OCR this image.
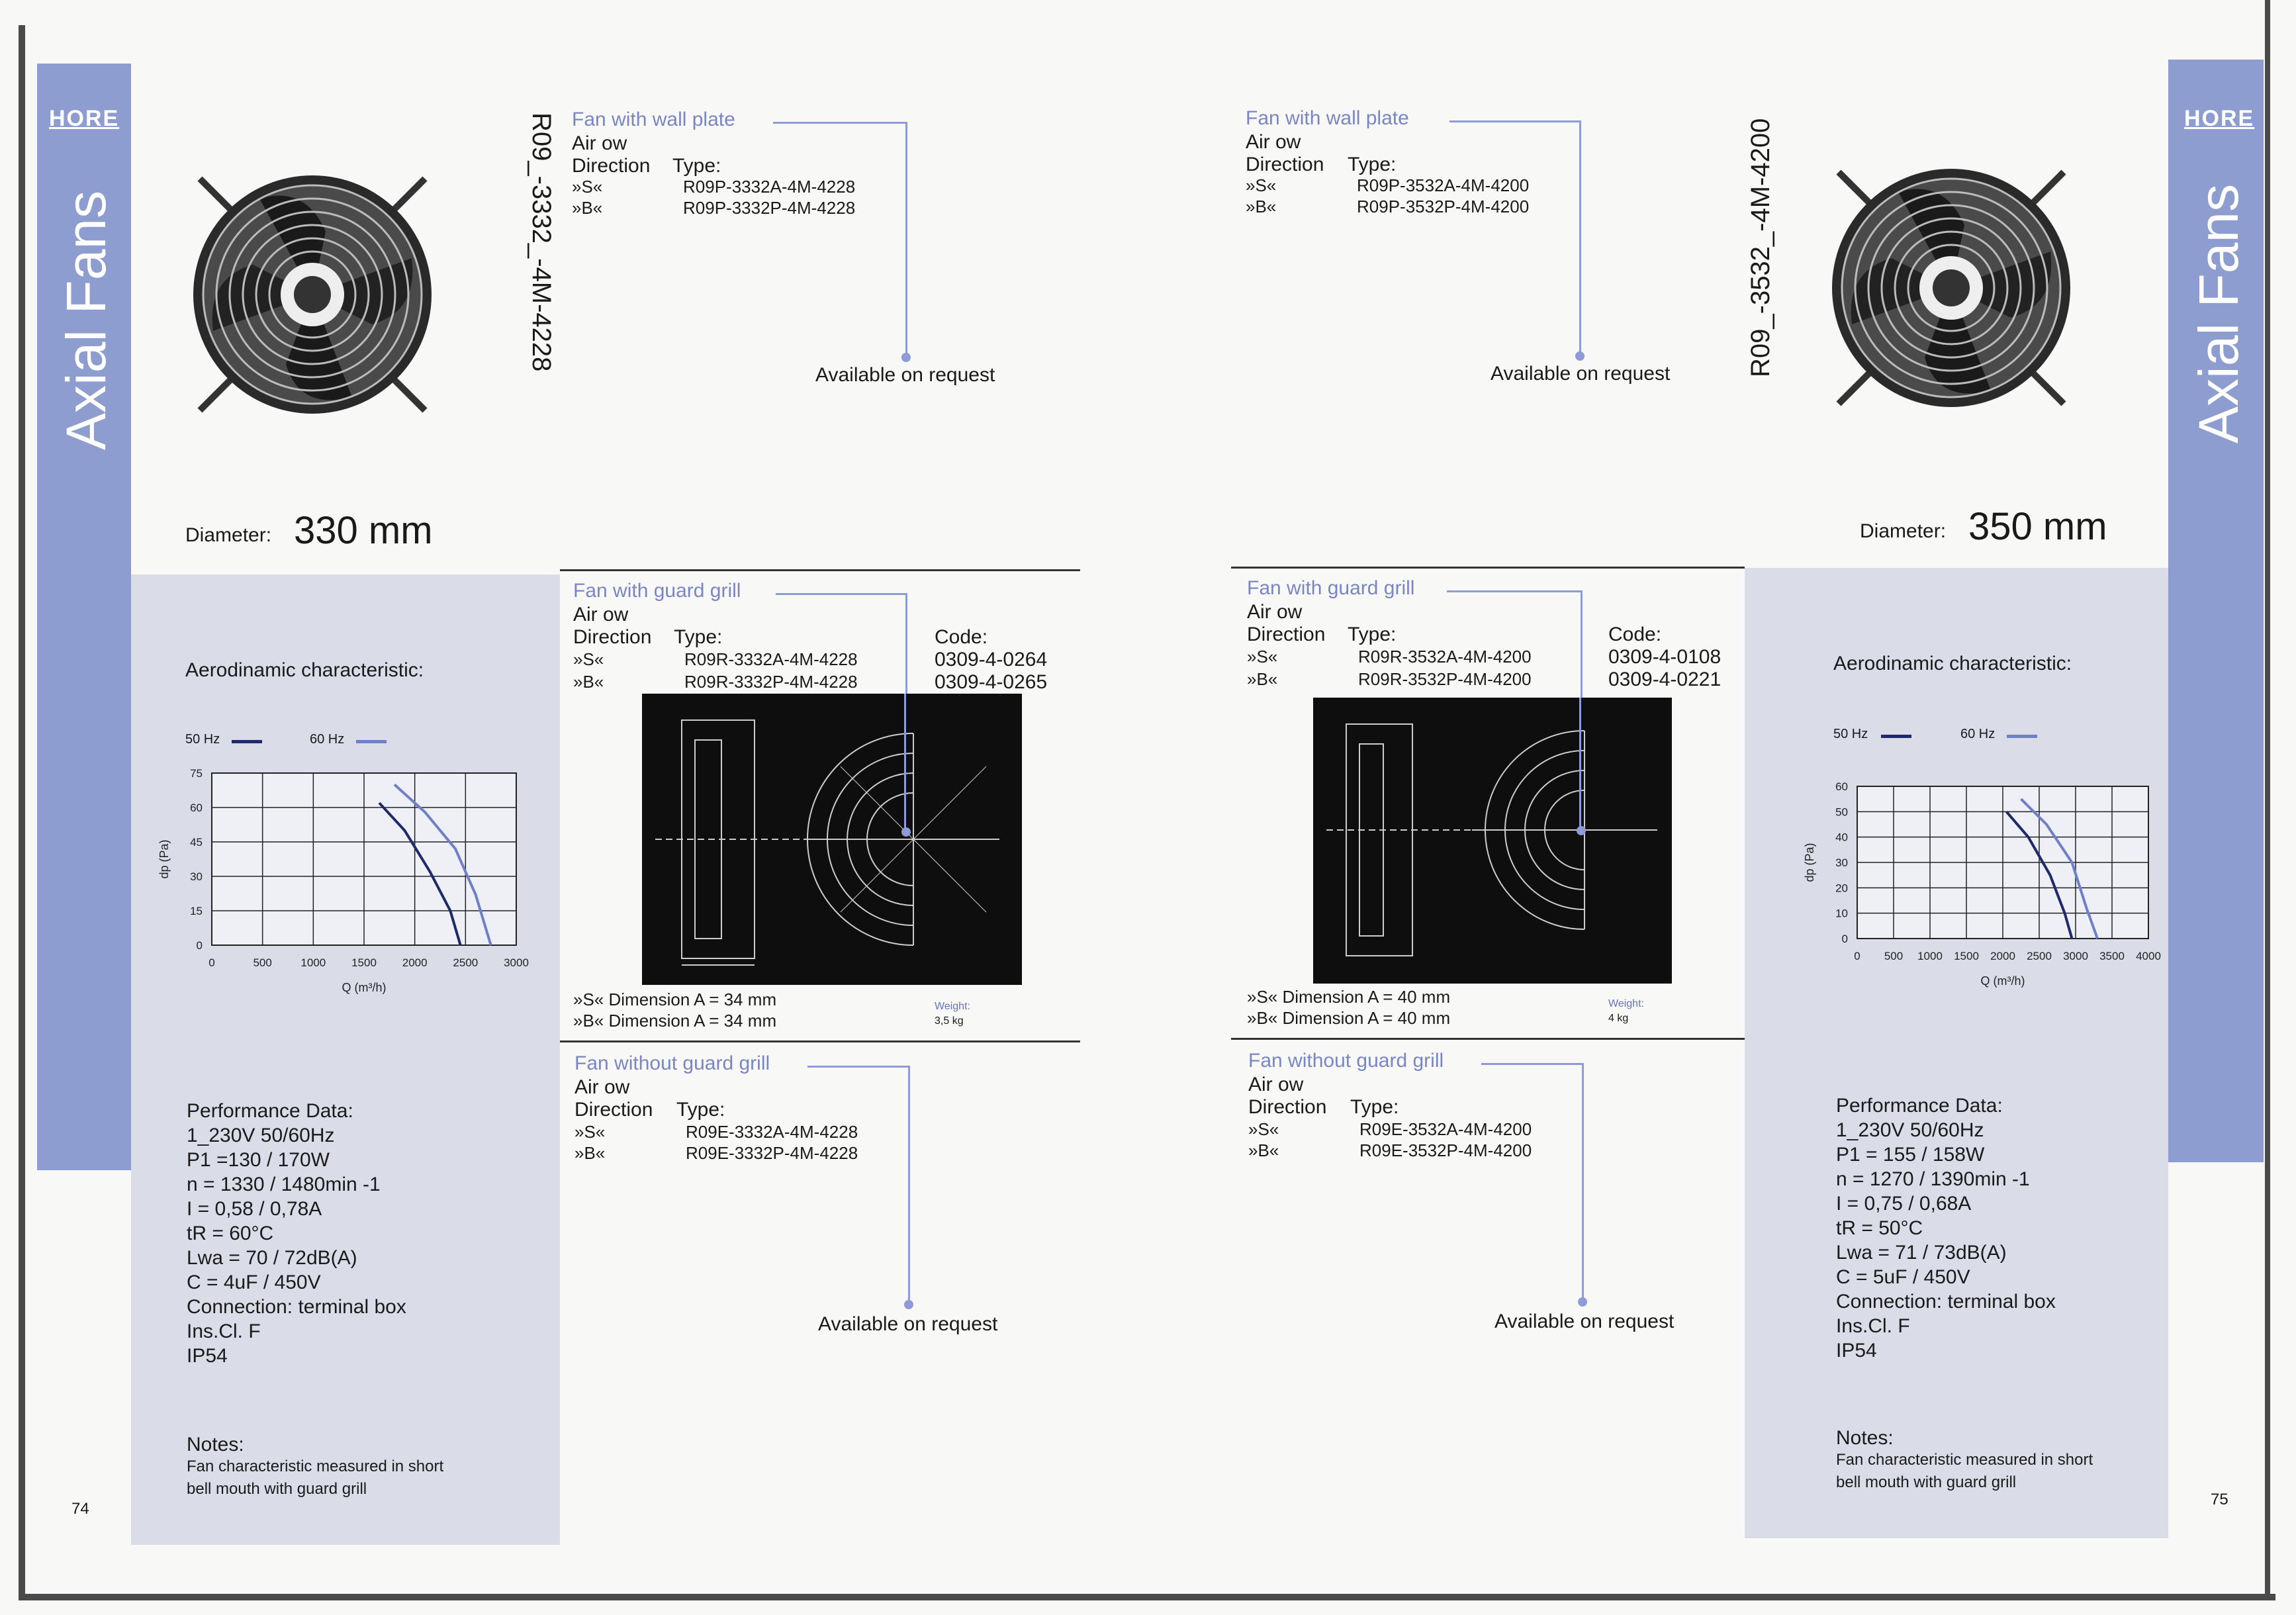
HORE
Axial Fans
Diameter: 330 mm
R09_-3332_-4M-4228 Fan with wall plate
Air ow
Direction Type:
»S«	R09P-3332A-4M-4228
»B«	R09P-3332P-4M-4228
Available on request
Fan with guard grill
Air ow
Direction Type:	Code:
»S«	R09R-3332A-4M-4228	0309-4-0264
»B«	R09R-3332P-4M-4228	0309-4-0265
»S« Dimension A = 34 mm
»B« Dimension A = 34 mm
Weight:
3,5 kg
Fan without guard grill
Air ow
Direction Type:
»S«	R09E-3332A-4M-4228
»B«	R09E-3332P-4M-4228
Available on request
Aerodinamic characteristic:
50 Hz	60 Hz
0	500	1000 1500 2000 2500 3000
0
15
30
45
60
75
Q (m³/h)
dp (Pa)
Performance Data:
1_230V 50/60Hz
P1 =130 / 170W
n = 1330 / 1480min -1
I = 0,58 / 0,78A
tR = 60°C
Lwa = 70 / 72dB(A)
C = 4uF / 450V
Connection: terminal box
Ins.Cl. F
IP54
Notes:
Fan characteristic measured in short
bell mouth with guard grill
74
HORE
Axial Fans
Diameter: 350 mm
R09_-3532_-4M-4200
Fan with wall plate
Air ow
Direction Type:
»S«	R09P-3532A-4M-4200
»B«	R09P-3532P-4M-4200
Available on request
Fan with guard grill
Air ow
Direction Type:	Code:
»S«	R09R-3532A-4M-4200	0309-4-0108
»B«	R09R-3532P-4M-4200	0309-4-0221
»S« Dimension A = 40 mm
»B« Dimension A = 40 mm
Weight:
4 kg
Fan without guard grill
Air ow
Direction Type:
»S«	R09E-3532A-4M-4200
»B«	R09E-3532P-4M-4200
Available on request
Aerodinamic characteristic:
50 Hz	60 Hz
0 500 1000 1500 2000 2500 3000 3500 4000
0
10
20
30
40
50
60
Q (m³/h)
dp (Pa)
Performance Data:
1_230V 50/60Hz
P1 = 155 / 158W
n = 1270 / 1390min -1
I = 0,75 / 0,68A
tR = 50°C
Lwa = 71 / 73dB(A)
C = 5uF / 450V
Connection: terminal box
Ins.Cl. F
IP54
Notes:
Fan characteristic measured in short
bell mouth with guard grill
75
